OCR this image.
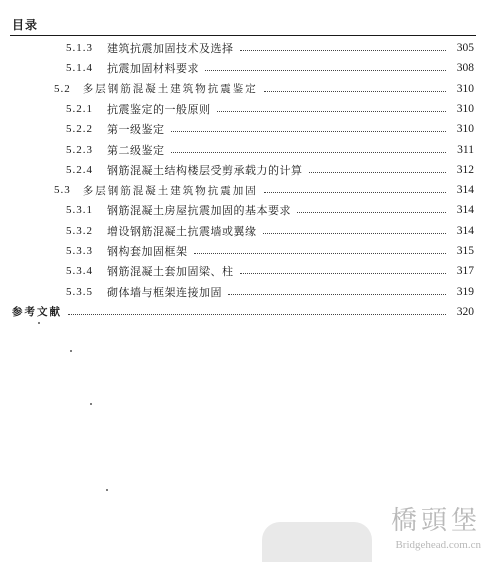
目录
5.1.3 建筑抗震加固技术及选择	305
5.1.4 抗震加固材料要求	308
5.2 多层钢筋混凝土建筑物抗震鉴定	310
5.2.1 抗震鉴定的一般原则	310
5.2.2 第一级鉴定	310
5.2.3 第二级鉴定	311
5.2.4 钢筋混凝土结构楼层受剪承载力的计算	312
5.3 多层钢筋混凝土建筑物抗震加固	314
5.3.1 钢筋混凝土房屋抗震加固的基本要求	314
5.3.2 增设钢筋混凝土抗震墙或翼缘	314
5.3.3 钢构套加固框架	315
5.3.4 钢筋混凝土套加固梁、柱	317
5.3.5 砌体墙与框架连接加固	319
参考文献	320
橋頭堡
Bridgehead.com.cn
